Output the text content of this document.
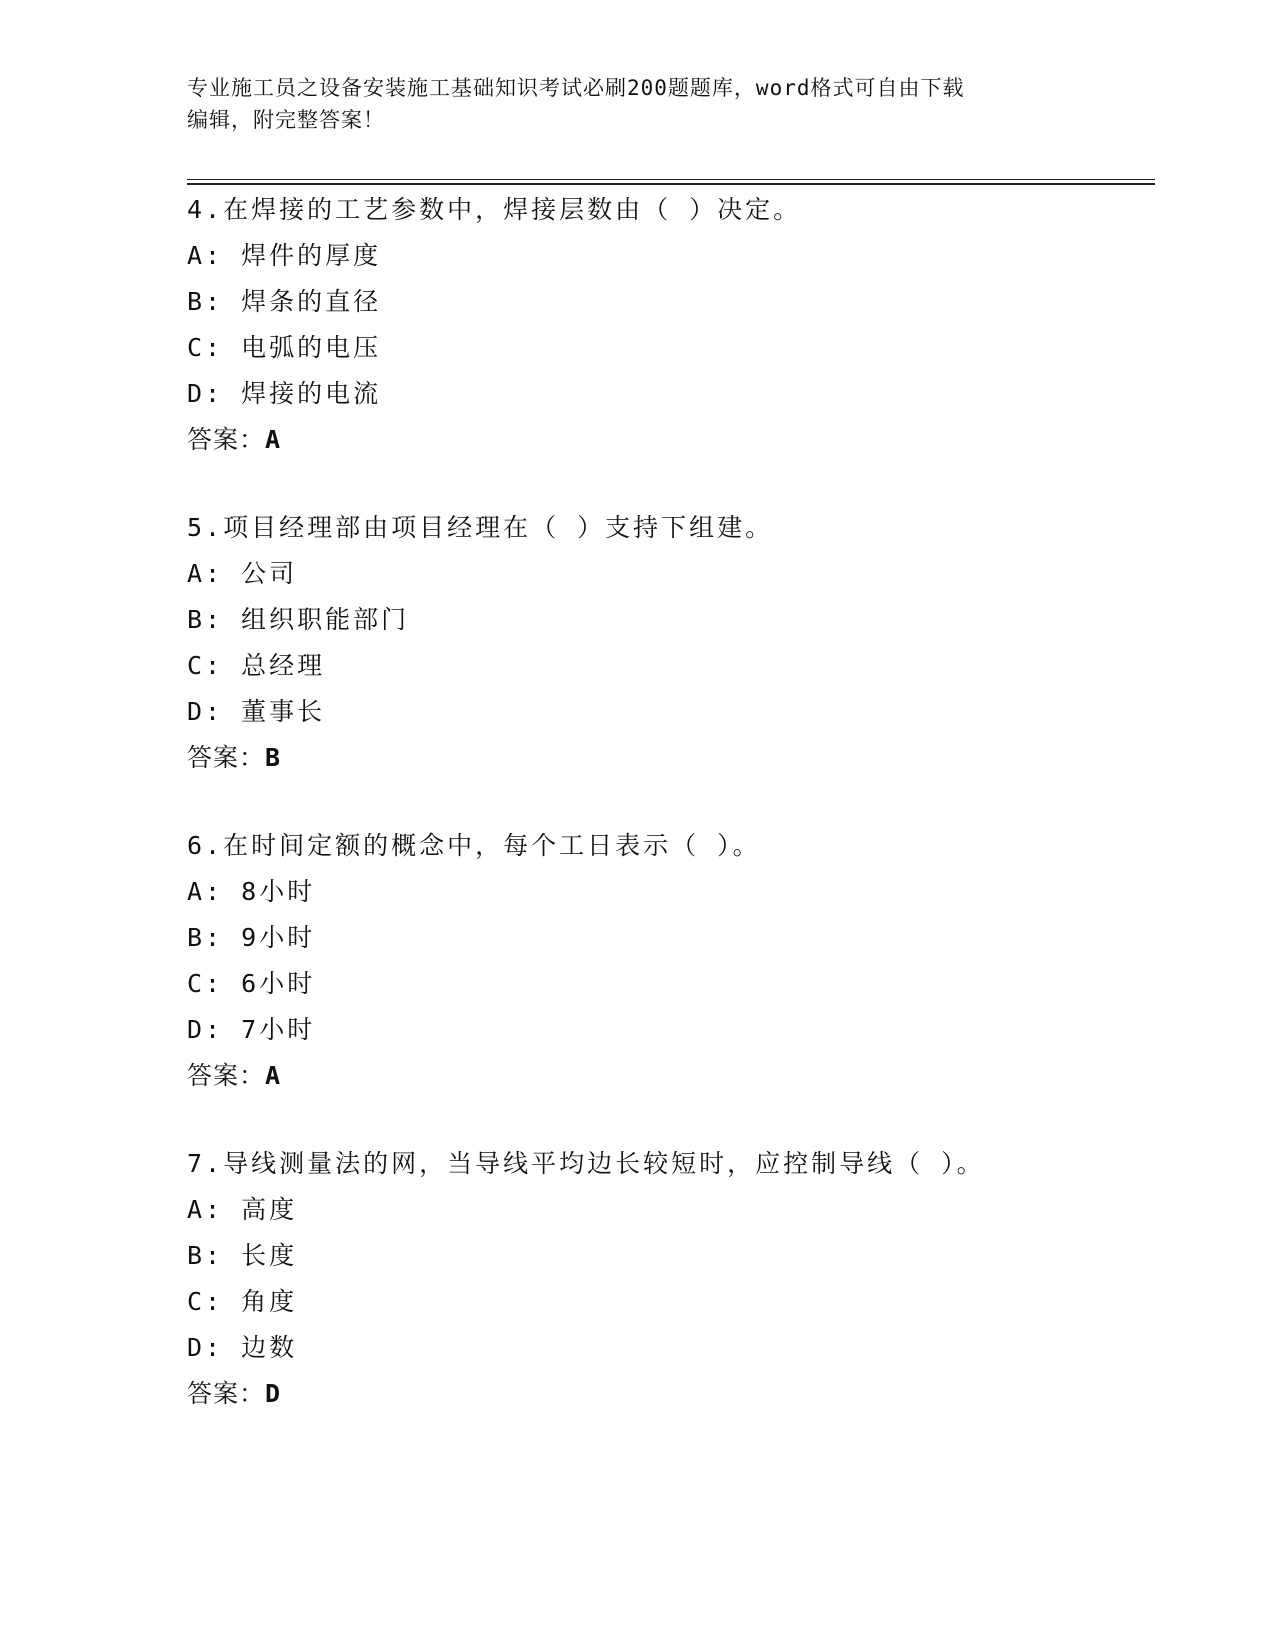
专业施工员之设备安装施工基础知识考试必刷200题题库，word格式可自由下载
编辑，附完整答案！
4.在焊接的工艺参数中，焊接层数由（ ）决定。
A: 焊件的厚度
B: 焊条的直径
C: 电弧的电压
D: 焊接的电流
答案：A
5.项目经理部由项目经理在（ ）支持下组建。
A: 公司
B: 组织职能部门
C: 总经理
D: 董事长
答案：B
6.在时间定额的概念中，每个工日表示（ ）。
A: 8小时
B: 9小时
C: 6小时
D: 7小时
答案：A
7.导线测量法的网，当导线平均边长较短时，应控制导线（ ）。
A: 高度
B: 长度
C: 角度
D: 边数
答案：D
